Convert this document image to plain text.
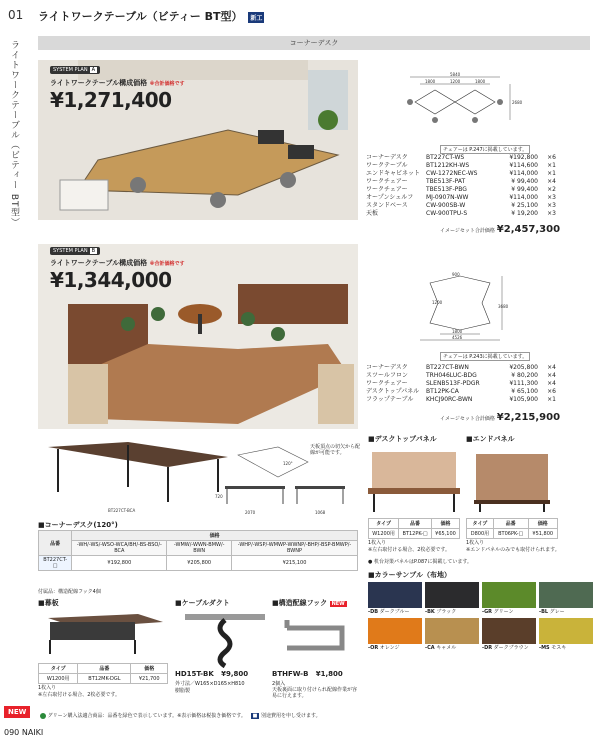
01
ライトワークテーブル（ビティー BT型）
ライトワークテーブル（ビティー BT型） 新工
コーナーデスク
SYSTEM PLAN A
ライトワークテーブル構成価格 ※合計価格です
¥1,271,400
5840
1800	1200	1800
2680
チェアーは P.247に掲載しています。
コーナーデスク	BT227CT-WS	¥192,800	×6
ワークテーブル	BT1212KH-WS	¥114,600	×1
エンドキャビネット CW-1272NEC-WS	¥114,000	×1
ワークチェアー	TBE513F-PAT	¥ 99,400	×4
ワークチェアー	TBE513F-PBG	¥ 99,400	×2
オープンシェルフ	MJ-0907N-WW	¥114,000	×3
スタンドベース	CW-900SB-W	¥ 25,100	×3
天板	CW-900TPU-S	¥ 19,200	×3
イメージセット合計価格 ¥2,457,300
SYSTEM PLAN B
ライトワークテーブル構成価格 ※合計価格です
¥1,344,000	900
1200
1800
4526
3680
チェアーは P.243に掲載しています。
コーナーデスク	BT227CT-BWN	¥205,800	×4
スツールフロン	TRH046LUC-BDG	¥ 80,200	×4
ワークチェアー	SLENB513F-PDGR	¥111,300	×4
デスクトップパネル	BT12PK-CA	¥ 65,100	×6
フラップテーブル	KHCJ90RC-BWN	¥105,900	×1
イメージセット合計価格 ¥2,215,900
BT227CT-BCA
120°
天板頂点の切欠から配線が可能です。
2070	1068
720
■コーナーデスク(120°)
品番	価格		
	-WH/-WS/-WSO-WCA/BH/-BS-BSO/-BCA	-WMW/-WWN-BMW/-BWN	-WHP/-WSP/-WMWP-WWNP/-BHP/-BSP-BMWP/-BWNP
BT227CT-□	¥192,800	¥205,800	¥215,100
付属品：構造配線フック4個
■デスクトップパネル
タイプ	品番	価格
W1200用	BT12PK-□	¥65,100
1枚入り
※左右取付ける場合、2枚必要です。
■エンドパネル
タイプ	品番	価格
D800用	BT06PK-□	¥51,800
1枚入り
※エンドパネルのみでも取付けられます。
● 机台対策パネルはP.087に掲載しています。
■カラーサンプル（布地）
-DB ダークブルー	-BK ブラック	-GR グリーン	-BL グレー
-OR オレンジ	-CA キャメル	-DR ダークブラウン	-MS モスキ
■幕板
タイプ	品番	価格
W1200用	BT12MK-DGL	¥21,700
1枚入り
※左右取付ける場合、2枚必要です。
■ケーブルダクト
HD15T-BK ¥9,800
外寸法／W165×D165×H810
樹脂製
■構造配線フック NEW
BTHFW-B ¥1,800
2個入
天板裏面に取り付けられ配線作業が容易に行えます。
NEW	グリーン購入法適合商品：品番を緑色で表示しています。※表示価格は税抜き価格です。 ■ 別途費用を申し受けます。
090 NAIKI
